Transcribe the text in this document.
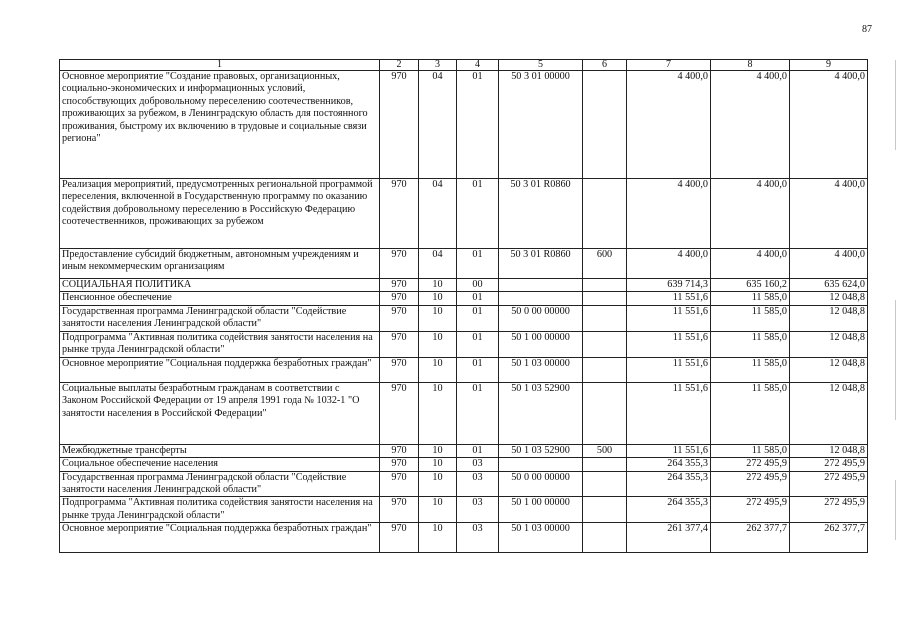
87
1	2	3	4	5	6	7	8	9
Основное мероприятие "Создание правовых, организационных, социально-экономических и информационных условий, способствующих добровольному переселению соотечественников, проживающих за рубежом, в Ленинградскую область для постоянного проживания, быстрому их включению в трудовые и социальные связи региона"	970	04	01	50 3 01 00000		4 400,0	4 400,0	4 400,0
Реализация мероприятий, предусмотренных региональной программой переселения, включенной в Государственную программу по оказанию содействия добровольному переселению в Российскую Федерацию соотечественников, проживающих за рубежом	970	04	01	50 3 01 R0860		4 400,0	4 400,0	4 400,0
Предоставление субсидий бюджетным, автономным учреждениям и иным некоммерческим организациям	970	04	01	50 3 01 R0860	600	4 400,0	4 400,0	4 400,0
СОЦИАЛЬНАЯ ПОЛИТИКА	970	10	00			639 714,3	635 160,2	635 624,0
Пенсионное обеспечение	970	10	01			11 551,6	11 585,0	12 048,8
Государственная программа Ленинградской области "Содействие занятости населения Ленинградской области"	970	10	01	50 0 00 00000		11 551,6	11 585,0	12 048,8
Подпрограмма "Активная политика содействия занятости населения на рынке труда Ленинградской области"	970	10	01	50 1 00 00000		11 551,6	11 585,0	12 048,8
Основное мероприятие "Социальная поддержка безработных граждан"	970	10	01	50 1 03 00000		11 551,6	11 585,0	12 048,8
Социальные выплаты безработным гражданам в соответствии с Законом Российской Федерации от 19 апреля 1991 года № 1032-1 "О занятости населения в Российской Федерации"	970	10	01	50 1 03 52900		11 551,6	11 585,0	12 048,8
Межбюджетные трансферты	970	10	01	50 1 03 52900	500	11 551,6	11 585,0	12 048,8
Социальное обеспечение населения	970	10	03			264 355,3	272 495,9	272 495,9
Государственная программа Ленинградской области "Содействие занятости населения Ленинградской области"	970	10	03	50 0 00 00000		264 355,3	272 495,9	272 495,9
Подпрограмма "Активная политика содействия занятости населения на рынке труда Ленинградской области"	970	10	03	50 1 00 00000		264 355,3	272 495,9	272 495,9
Основное мероприятие "Социальная поддержка безработных граждан"	970	10	03	50 1 03 00000		261 377,4	262 377,7	262 377,7
